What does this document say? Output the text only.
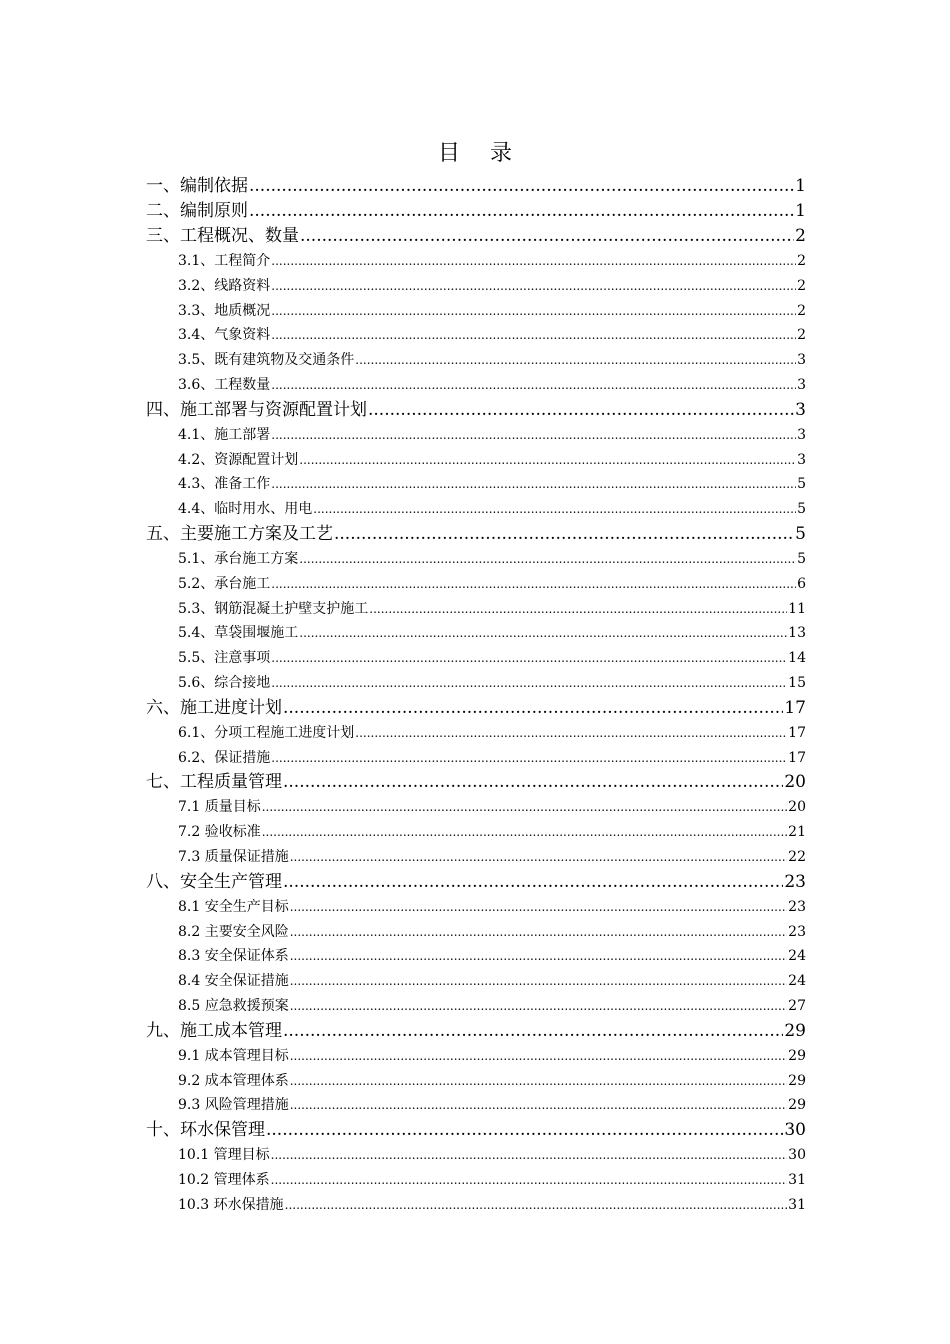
目 录
一、编制依据 .....	1
二、编制原则 .....	1
三、工程概况、数量 .....	2
3.1、工程简介 .....	2
3.2、线路资料 .....	2
3.3、地质概况 .....	2
3.4、气象资料 .....	2
3.5、既有建筑物及交通条件 .....	3
3.6、工程数量 .....	3
四、施工部署与资源配置计划 .....	3
4.1、施工部署 .....	3
4.2、资源配置计划 .....	3
4.3、准备工作 .....	5
4.4、临时用水、用电 .....	5
五、主要施工方案及工艺 .....	5
5.1、承台施工方案 .....	5
5.2、承台施工 .....	6
5.3、钢筋混凝土护壁支护施工 .....	11
5.4、草袋围堰施工 .....	13
5.5、注意事项 .....	14
5.6、综合接地 .....	15
六、施工进度计划 .....	17
6.1、分项工程施工进度计划 .....	17
6.2、保证措施 .....	17
七、工程质量管理 .....	20
7.1 质量目标 .....	20
7.2 验收标准 .....	21
7.3 质量保证措施 .....	22
八、安全生产管理 .....	23
8.1 安全生产目标 .....	23
8.2 主要安全风险 .....	23
8.3 安全保证体系 .....	24
8.4 安全保证措施 .....	24
8.5 应急救援预案 .....	27
九、施工成本管理 .....	29
9.1 成本管理目标 .....	29
9.2 成本管理体系 .....	29
9.3 风险管理措施 .....	29
十、环水保管理 .....	30
10.1 管理目标 .....	30
10.2 管理体系 .....	31
10.3 环水保措施 .....	31
